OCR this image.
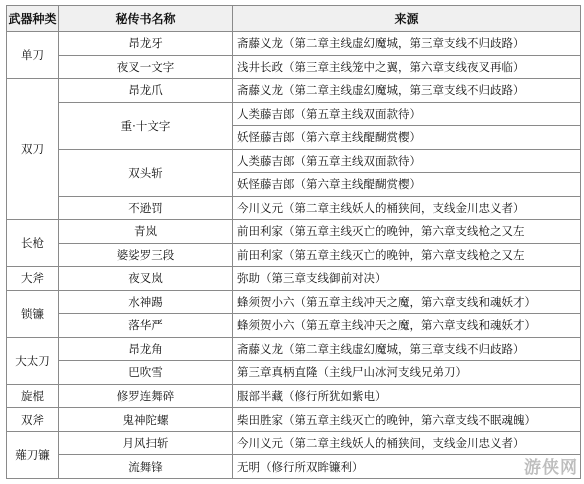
武器种类	秘传书名称	来源
单刀	昂龙牙	斋藤义龙（第二章主线虚幻魔城，第三章支线不归歧路）
	夜叉一文字	浅井长政（第三章主线笼中之翼，第六章支线夜叉再临）
双刀	昂龙爪	斋藤义龙（第二章主线虚幻魔城，第三章支线不归歧路）
	重·十文字	人类藤吉郎（第五章主线双面款待）
		妖怪藤吉郎（第六章主线醍醐赏樱）
	双头斩	人类藤吉郎（第五章主线双面款待）
		妖怪藤吉郎（第六章主线醍醐赏樱）
	不逊罚	今川义元（第二章主线妖人的桶狭间，支线金川忠义者）
长枪	青岚	前田利家（第五章主线灭亡的晚钟，第六章支线枪之又左
	婆娑罗三段	前田利家（第五章主线灭亡的晚钟，第六章支线枪之又左
大斧	夜叉岚	弥助（第三章支线御前对决）
锁镰	水神踢	蜂须贺小六（第五章主线冲天之魔，第六章支线和魂妖才）
	落华严	蜂须贺小六（第五章主线冲天之魔，第六章支线和魂妖才）
大太刀	昂龙角	斋藤义龙（第二章主线虚幻魔城，第三章支线不归歧路）
	巴吹雪	第三章真柄直隆（主线尸山冰河支线兄弟刀）
旋棍	修罗连舞碎	服部半藏（修行所犹如紫电）
双斧	鬼神陀螺	柴田胜家（第五章主线灭亡的晚钟，第六章支线不眠魂魄）
薙刀镰	月风扫斩	今川义元（第二章主线妖人的桶狭间，支线金川忠义者）
	流舞锋	无明（修行所双眸镰利）	游侠网
